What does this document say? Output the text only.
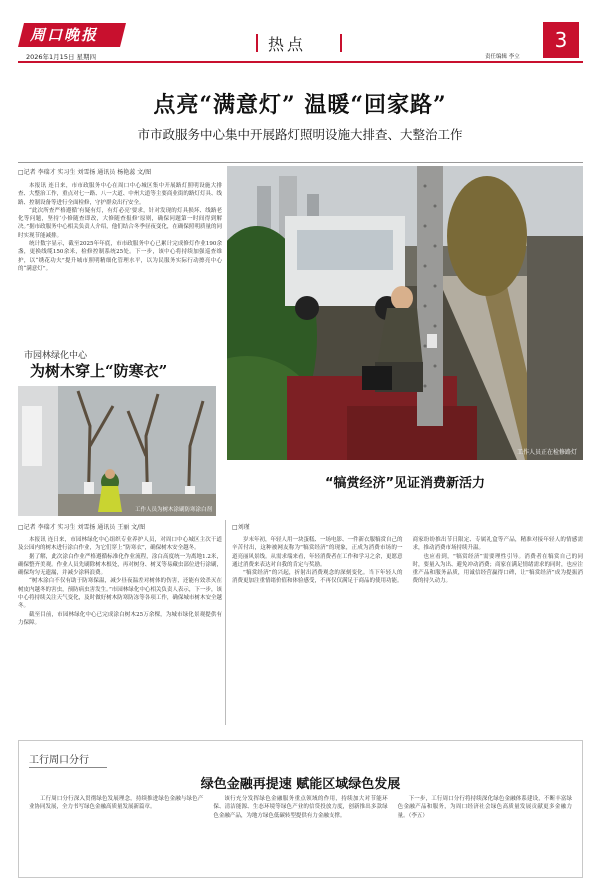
周口晚报
2026年1月15日 星期四
热点
责任编辑 李立
3
点亮“满意灯” 温暖“回家路”
市市政服务中心集中开展路灯照明设施大排查、大整治工作
□记者 李瑞才 实习生 刘雪扬 通讯员 杨艳蕊 文/图

本报讯 连日来，市市政服务中心在周口中心城区集中开展路灯照明设施大排查、大整治工作，重点对七一路、八一大道、中州大道等主要商业街的路灯灯具、线路、控制设备等进行全面检修，守护群众出行安全。

“此次所查严格遵循‘有疑有灯，有灯必亮’要求，针对发现的灯具损坏、线路老化等问题，坚持‘小修随查即改，大修随查报修’原则，确保问题第一时间得到解决。”据市政服务中心相关负责人介绍，他们结合冬季昼夜变化，在确保照明质量的同时实现节能减排。

统计数字显示，截至2025年年底，市市政服务中心已累计完成修灯作业190余盏，更换线缆150余米，检修控制系统25处。下一步，该中心将持续加强巡查维护，以“绣花功夫”提升城市照明精细化管理水平，以为民服务实际行动擦亮中心的“满意灯”。

工作人员正在检修路灯
市园林绿化中心
为树木穿上“防寒衣”
工作人员为树木涂刷防寒涂白剂
□记者 李瑞才 实习生 刘雪扬 通讯员 王丽 文/图

本报讯 连日来，市园林绿化中心组织专业养护人员，对周口中心城区主次干道及公园内的树木进行涂白作业，为它们穿上“防寒衣”，确保树木安全越冬。

据了解，此次涂白作业严格遵循标准化作业流程，涂白高度统一为离地1.2米，确保整齐美观。作业人员先刷除树木根处，再对树身、树叉等易藏虫部位进行涂刷，确保均匀无遗漏，并减少涂料浪费。

“树木涂白不仅有助于防寒保温，减少昼夜温差对树体的伤害，还能有效杀灭在树皮内越冬的害虫，预防病虫害发生。”市园林绿化中心相关负责人表示，下一步，该中心将持续关注天气变化，及时做好树木防寒防冻等各项工作，确保城市树木安全越冬。

截至目前，市园林绿化中心已完成涂白树木25万余棵，为城市绿化景观提供有力保障。

“犒赏经济”见证消费新活力
□刘瑾

岁末年初，年轻人用一块蛋糕、一场电影、一件新衣服犒赏自己的辛苦付出，这种被网友称为“犒赏经济”的现象，正成为消费市场的一道亮丽风景线。从需求端来看，年轻消费者在工作和学习之余，更愿意通过消费来表达对自我的肯定与奖励。

“犒赏经济”的兴起，折射出消费观念的深刻变化。当下年轻人的消费更加注重情绪价值和体验感受，不再仅仅满足于商品的使用功能。商家纷纷推出节日限定、专属礼盒等产品，精准对接年轻人的情感需求，推动消费市场持续升温。

也应看到，“犒赏经济”需要理性引导。消费者在犒赏自己的同时，要量入为出、避免冲动消费；商家在满足情绪需求的同时，也应注重产品和服务品质，用诚信经营赢得口碑，让“犒赏经济”成为提振消费的持久动力。

工行周口分行
绿色金融再提速 赋能区域绿色发展

工行周口分行深入贯彻绿色发展理念，持续推进绿色金融与绿色产业协同发展，全力书写绿色金融高质量发展新篇章。

该行充分发挥绿色金融服务重点领域的作用，持续加大对节能环保、清洁能源、生态环境等绿色产业的信贷投放力度，创新推出多款绿色金融产品，为地方绿色低碳转型提供有力金融支撑。

下一步，工行周口分行将持续深化绿色金融体系建设，不断丰富绿色金融产品和服务，为周口经济社会绿色高质量发展贡献更多金融力量。（李五）
